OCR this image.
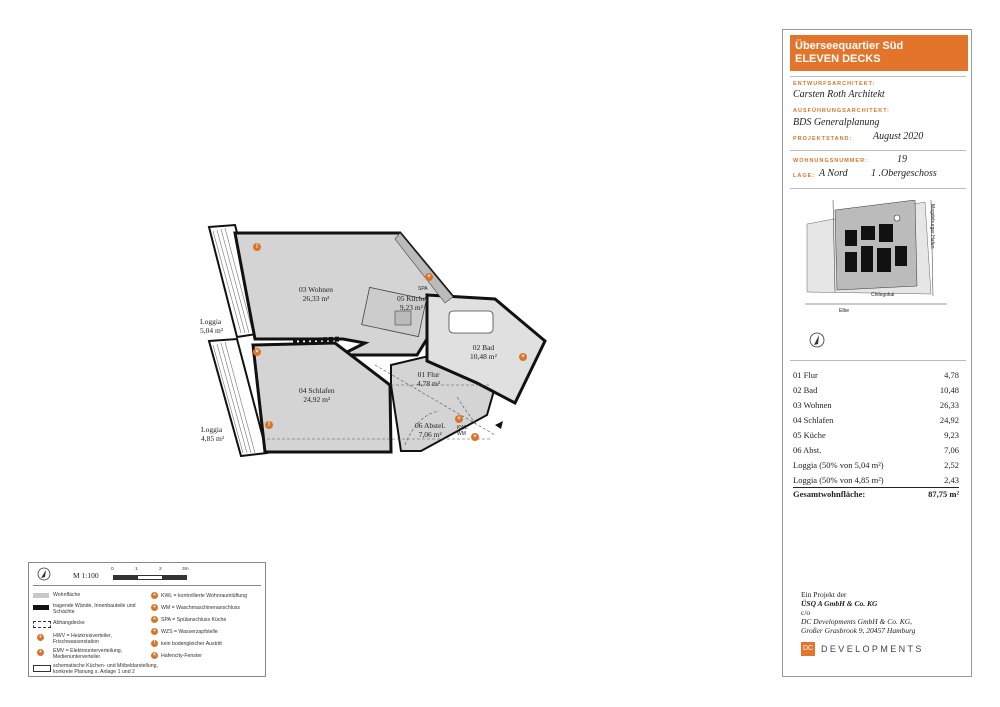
03 Wohnen
26,33 m²	05 Küche
9,23 m²
02 Bad
10,48 m²
01 Flur
4,78 m²
04 Schlafen
24,92 m²
06 Abstel.
7,06 m²
Loggia
5,04 m²
Loggia
4,85 m²
!
×
!
+
SPA
+
+
KWL
WM	+
M 1:100
0	1	2	3m
Wohnfläche
tragende Wände, Innenbauteile und Schächte
Abhangdecke
+	HWV = Heizkreisverteiler, Frischwasserstation
+	EMV = Elektrounterverteilung, Medienunterverteiler
schematische Küchen- und Möbeldarstellung, konkrete Planung s. Anlage 1 und 2
+ KWL = kontrollierte Wohnraumlüftung
+ WM = Waschmaschinenanschluss
+ SPA = Spülanschluss Küche
+ WZS = Wasserzapfstelle
!	kein bodengleicher Austritt
× Hafencity-Fenster
Überseequartier Süd
ELEVEN DECKS
ENTWURFSARCHITEKT:
Carsten Roth Architekt
AUSFÜHRUNGSARCHITEKT:
BDS Generalplanung
PROJEKTSTAND: August 2020
WOHNUNGSNUMMER:	19
LAGE: A Nord 1 .Obergeschoss
Chilegokai
Elbe
Magdeburger Hafen
01 Flur	4,78
02 Bad	10,48
03 Wohnen	26,33
04 Schlafen	24,92
05 Küche	9,23
06 Abst.	7,06
Loggia (50% von 5,04 m²)	2,52
Loggia (50% von 4,85 m²)	2,43
Gesamtwohnfläche:	87,75 m²
Ein Projekt der
ÜSQ A GmbH & Co. KG
c/o
DC Developments GmbH & Co. KG,
Großer Grasbrook 9, 20457 Hamburg
DC DEVELOPMENTS
